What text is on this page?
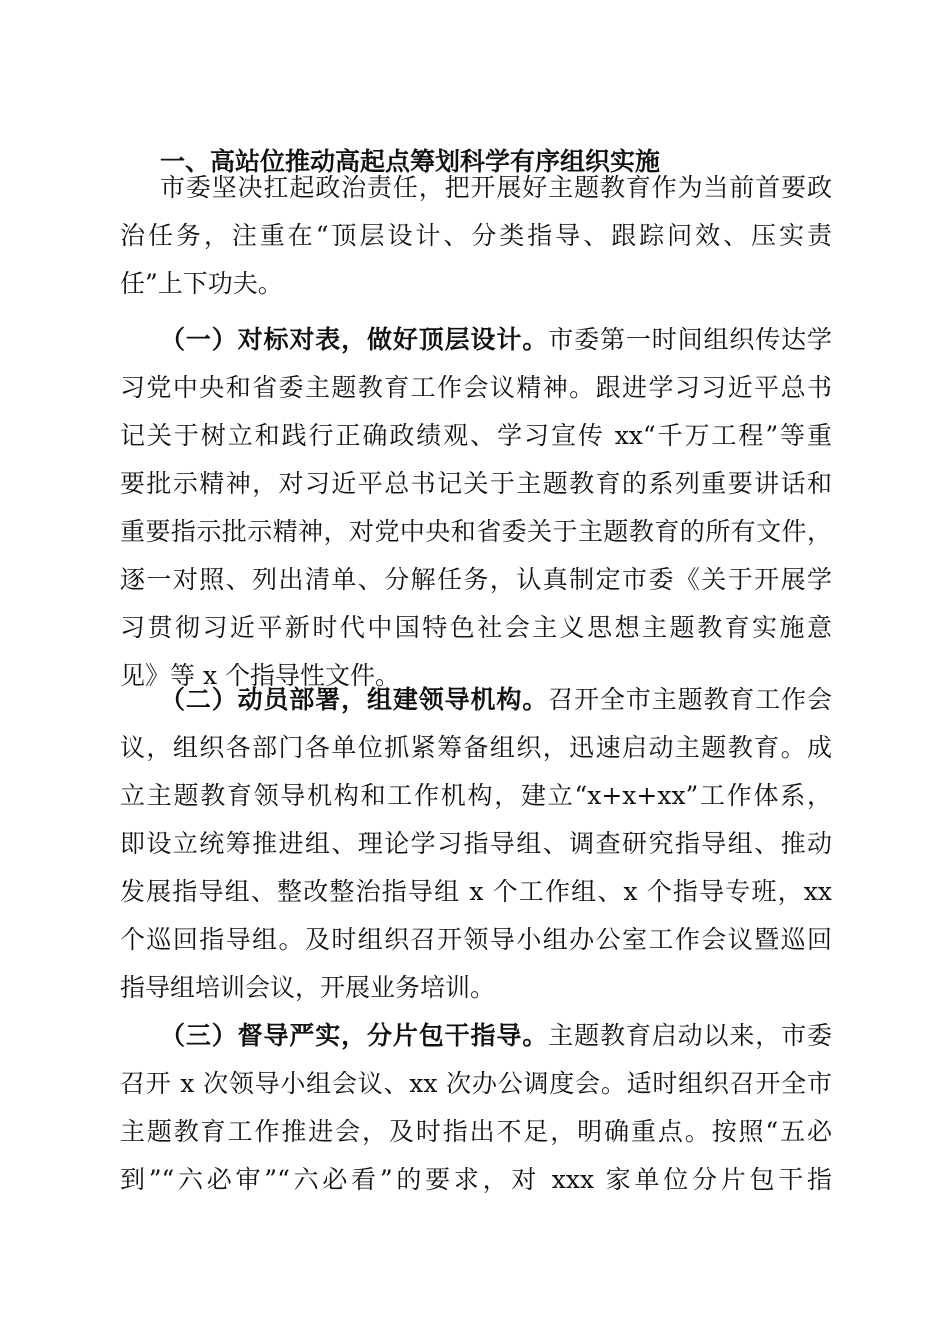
一、高站位推动高起点筹划科学有序组织实施
市委坚决扛起政治责任，把开展好主题教育作为当前首要政
治任务，注重在“顶层设计、分类指导、跟踪问效、压实责
任”上下功夫。
（一）对标对表，做好顶层设计。市委第一时间组织传达学
习党中央和省委主题教育工作会议精神。跟进学习习近平总书
记关于树立和践行正确政绩观、学习宣传 xx“千万工程”等重
要批示精神，对习近平总书记关于主题教育的系列重要讲话和
重要指示批示精神，对党中央和省委关于主题教育的所有文件，
逐一对照、列出清单、分解任务，认真制定市委《关于开展学
习贯彻习近平新时代中国特色社会主义思想主题教育实施意
见》等 x 个指导性文件。
（二）动员部署，组建领导机构。召开全市主题教育工作会
议，组织各部门各单位抓紧筹备组织，迅速启动主题教育。成
立主题教育领导机构和工作机构，建立“x+x+xx”工作体系，
即设立统筹推进组、理论学习指导组、调查研究指导组、推动
发展指导组、整改整治指导组 x 个工作组、x 个指导专班，xx
个巡回指导组。及时组织召开领导小组办公室工作会议暨巡回
指导组培训会议，开展业务培训。
（三）督导严实，分片包干指导。主题教育启动以来，市委
召开 x 次领导小组会议、xx 次办公调度会。适时组织召开全市
主题教育工作推进会，及时指出不足，明确重点。按照“五必
到”“六必审”“六必看”的要求，对 xxx 家单位分片包干指
